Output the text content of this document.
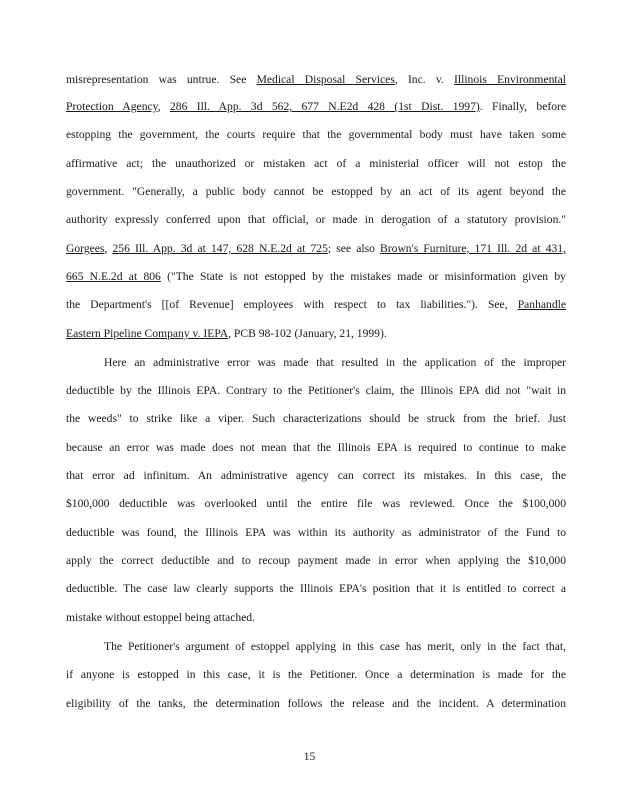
misrepresentation was untrue. See Medical Disposal Services, Inc. v. Illinois Environmental
Protection Agency, 286 Ill. App. 3d 562, 677 N.E2d 428 (1st Dist. 1997). Finally, before
estopping the government, the courts require that the governmental body must have taken some
affirmative act; the unauthorized or mistaken act of a ministerial officer will not estop the
government. "Generally, a public body cannot be estopped by an act of its agent beyond the
authority expressly conferred upon that official, or made in derogation of a statutory provision."
Gorgees, 256 Ill. App. 3d at 147, 628 N.E.2d at 725; see also Brown's Furniture, 171 Ill. 2d at 431,
665 N.E.2d at 806 ("The State is not estopped by the mistakes made or misinformation given by
the Department's [[of Revenue] employees with respect to tax liabilities."). See, Panhandle
Eastern Pipeline Company v. IEPA, PCB 98-102 (January, 21, 1999).
Here an administrative error was made that resulted in the application of the improper
deductible by the Illinois EPA. Contrary to the Petitioner's claim, the Illinois EPA did not "wait in
the weeds" to strike like a viper. Such characterizations should be struck from the brief. Just
because an error was made does not mean that the Illinois EPA is required to continue to make
that error ad infinitum. An administrative agency can correct its mistakes. In this case, the
$100,000 deductible was overlooked until the entire file was reviewed. Once the $100,000
deductible was found, the Illinois EPA was within its authority as administrator of the Fund to
apply the correct deductible and to recoup payment made in error when applying the $10,000
deductible. The case law clearly supports the Illinois EPA's position that it is entitled to correct a
mistake without estoppel being attached.
The Petitioner's argument of estoppel applying in this case has merit, only in the fact that,
if anyone is estopped in this case, it is the Petitioner. Once a determination is made for the
eligibility of the tanks, the determination follows the release and the incident. A determination
15
